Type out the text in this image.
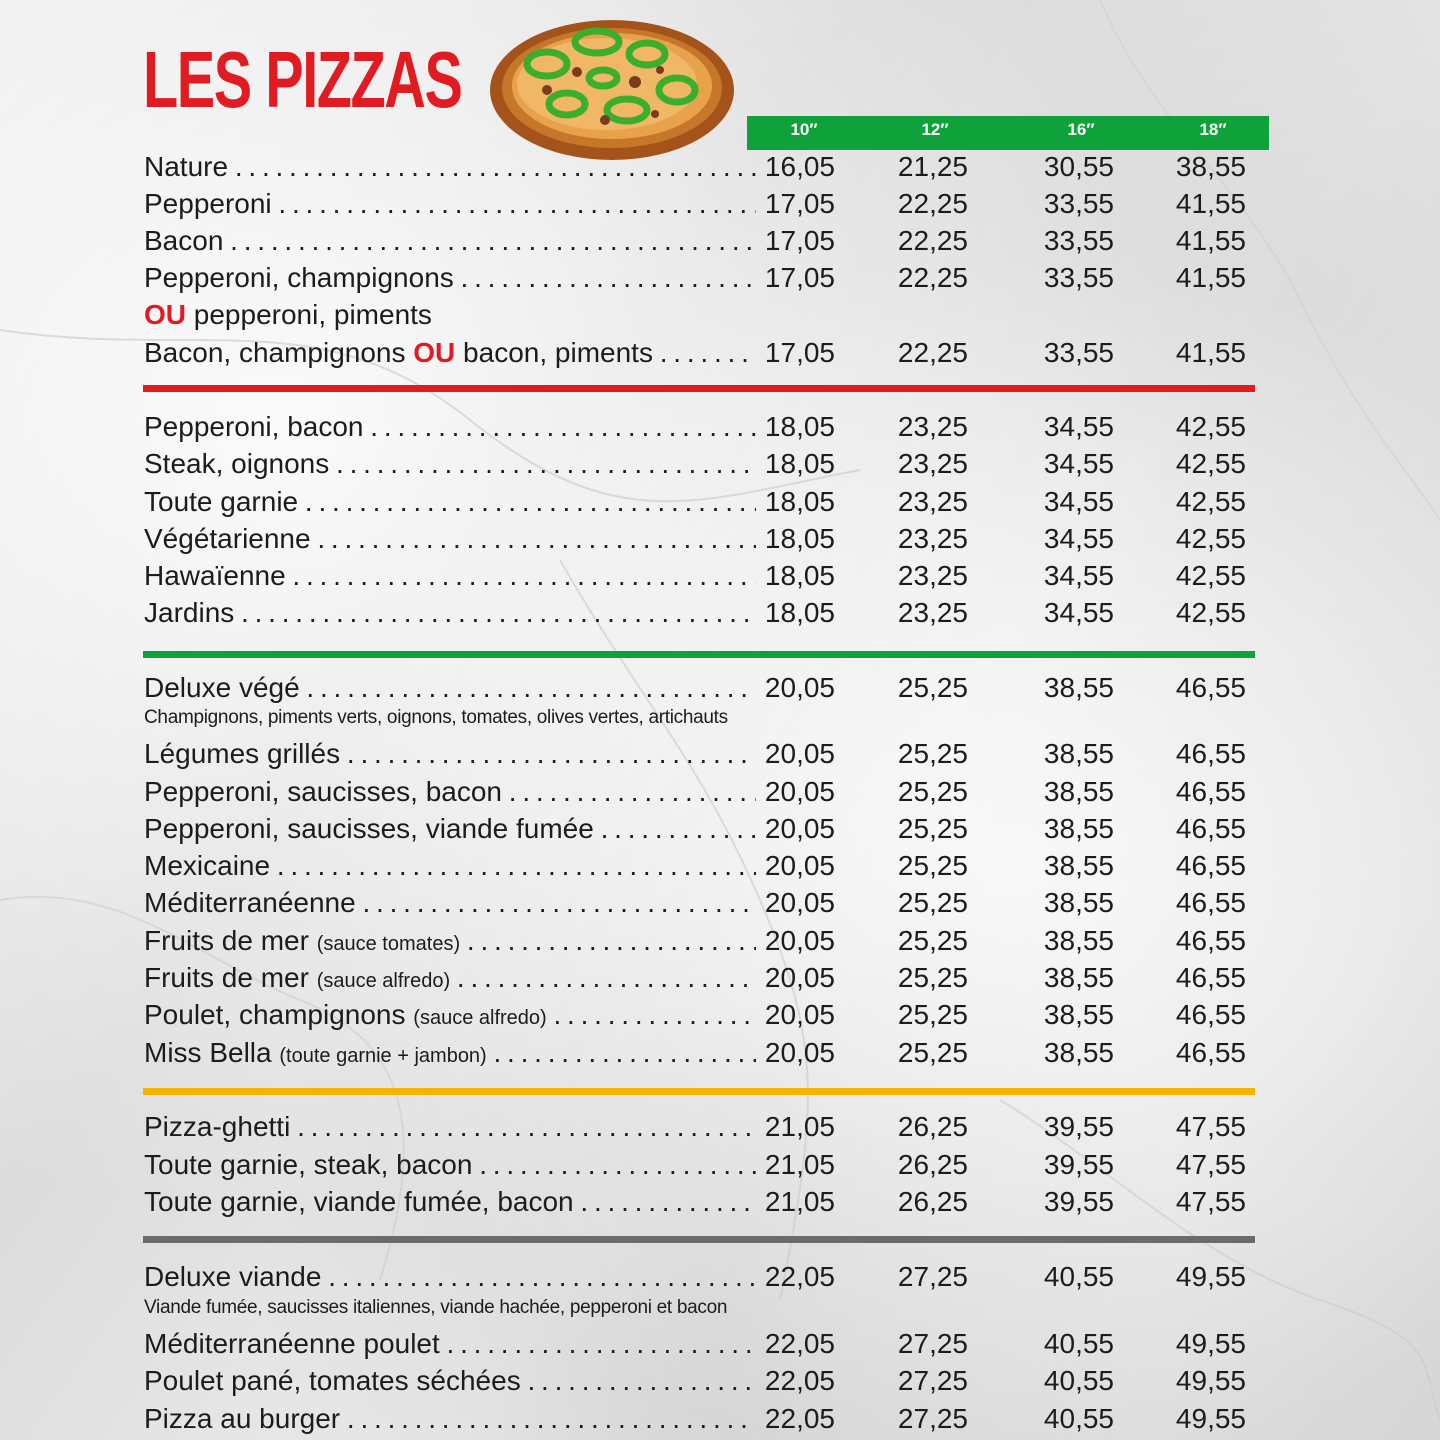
LES PIZZAS
10″	12″	16″	18″
Nature . . .	16,05	21,25	30,55	38,55
Pepperoni . . .	17,05	22,25	33,55	41,55
Bacon . . .	17,05	22,25	33,55	41,55
Pepperoni, champignons . . .	17,05	22,25	33,55	41,55
OU pepperoni, piments
Bacon, champignons OU bacon, piments . . .	17,05	22,25	33,55	41,55
Pepperoni, bacon . . .	18,05	23,25	34,55	42,55
Steak, oignons . . .	18,05	23,25	34,55	42,55
Toute garnie . . .	18,05	23,25	34,55	42,55
Végétarienne . . .	18,05	23,25	34,55	42,55
Hawaïenne . . .	18,05	23,25	34,55	42,55
Jardins . . .	18,05	23,25	34,55	42,55
Deluxe végé . . .	20,05	25,25	38,55	46,55
Champignons, piments verts, oignons, tomates, olives vertes, artichauts
Légumes grillés . . .	20,05	25,25	38,55	46,55
Pepperoni, saucisses, bacon . . .	20,05	25,25	38,55	46,55
Pepperoni, saucisses, viande fumée . . .	20,05	25,25	38,55	46,55
Mexicaine . . .	20,05	25,25	38,55	46,55
Méditerranéenne . . .	20,05	25,25	38,55	46,55
Fruits de mer (sauce tomates) . . .	20,05	25,25	38,55	46,55
Fruits de mer (sauce alfredo) . . .	20,05	25,25	38,55	46,55
Poulet, champignons (sauce alfredo) . . .	20,05	25,25	38,55	46,55
Miss Bella (toute garnie + jambon) . . .	20,05	25,25	38,55	46,55
Pizza-ghetti . . .	21,05	26,25	39,55	47,55
Toute garnie, steak, bacon . . .	21,05	26,25	39,55	47,55
Toute garnie, viande fumée, bacon . . .	21,05	26,25	39,55	47,55
Deluxe viande . . .	22,05	27,25	40,55	49,55
Viande fumée, saucisses italiennes, viande hachée, pepperoni et bacon
Méditerranéenne poulet . . .	22,05	27,25	40,55	49,55
Poulet pané, tomates séchées . . .	22,05	27,25	40,55	49,55
Pizza au burger . . .	22,05	27,25	40,55	49,55
